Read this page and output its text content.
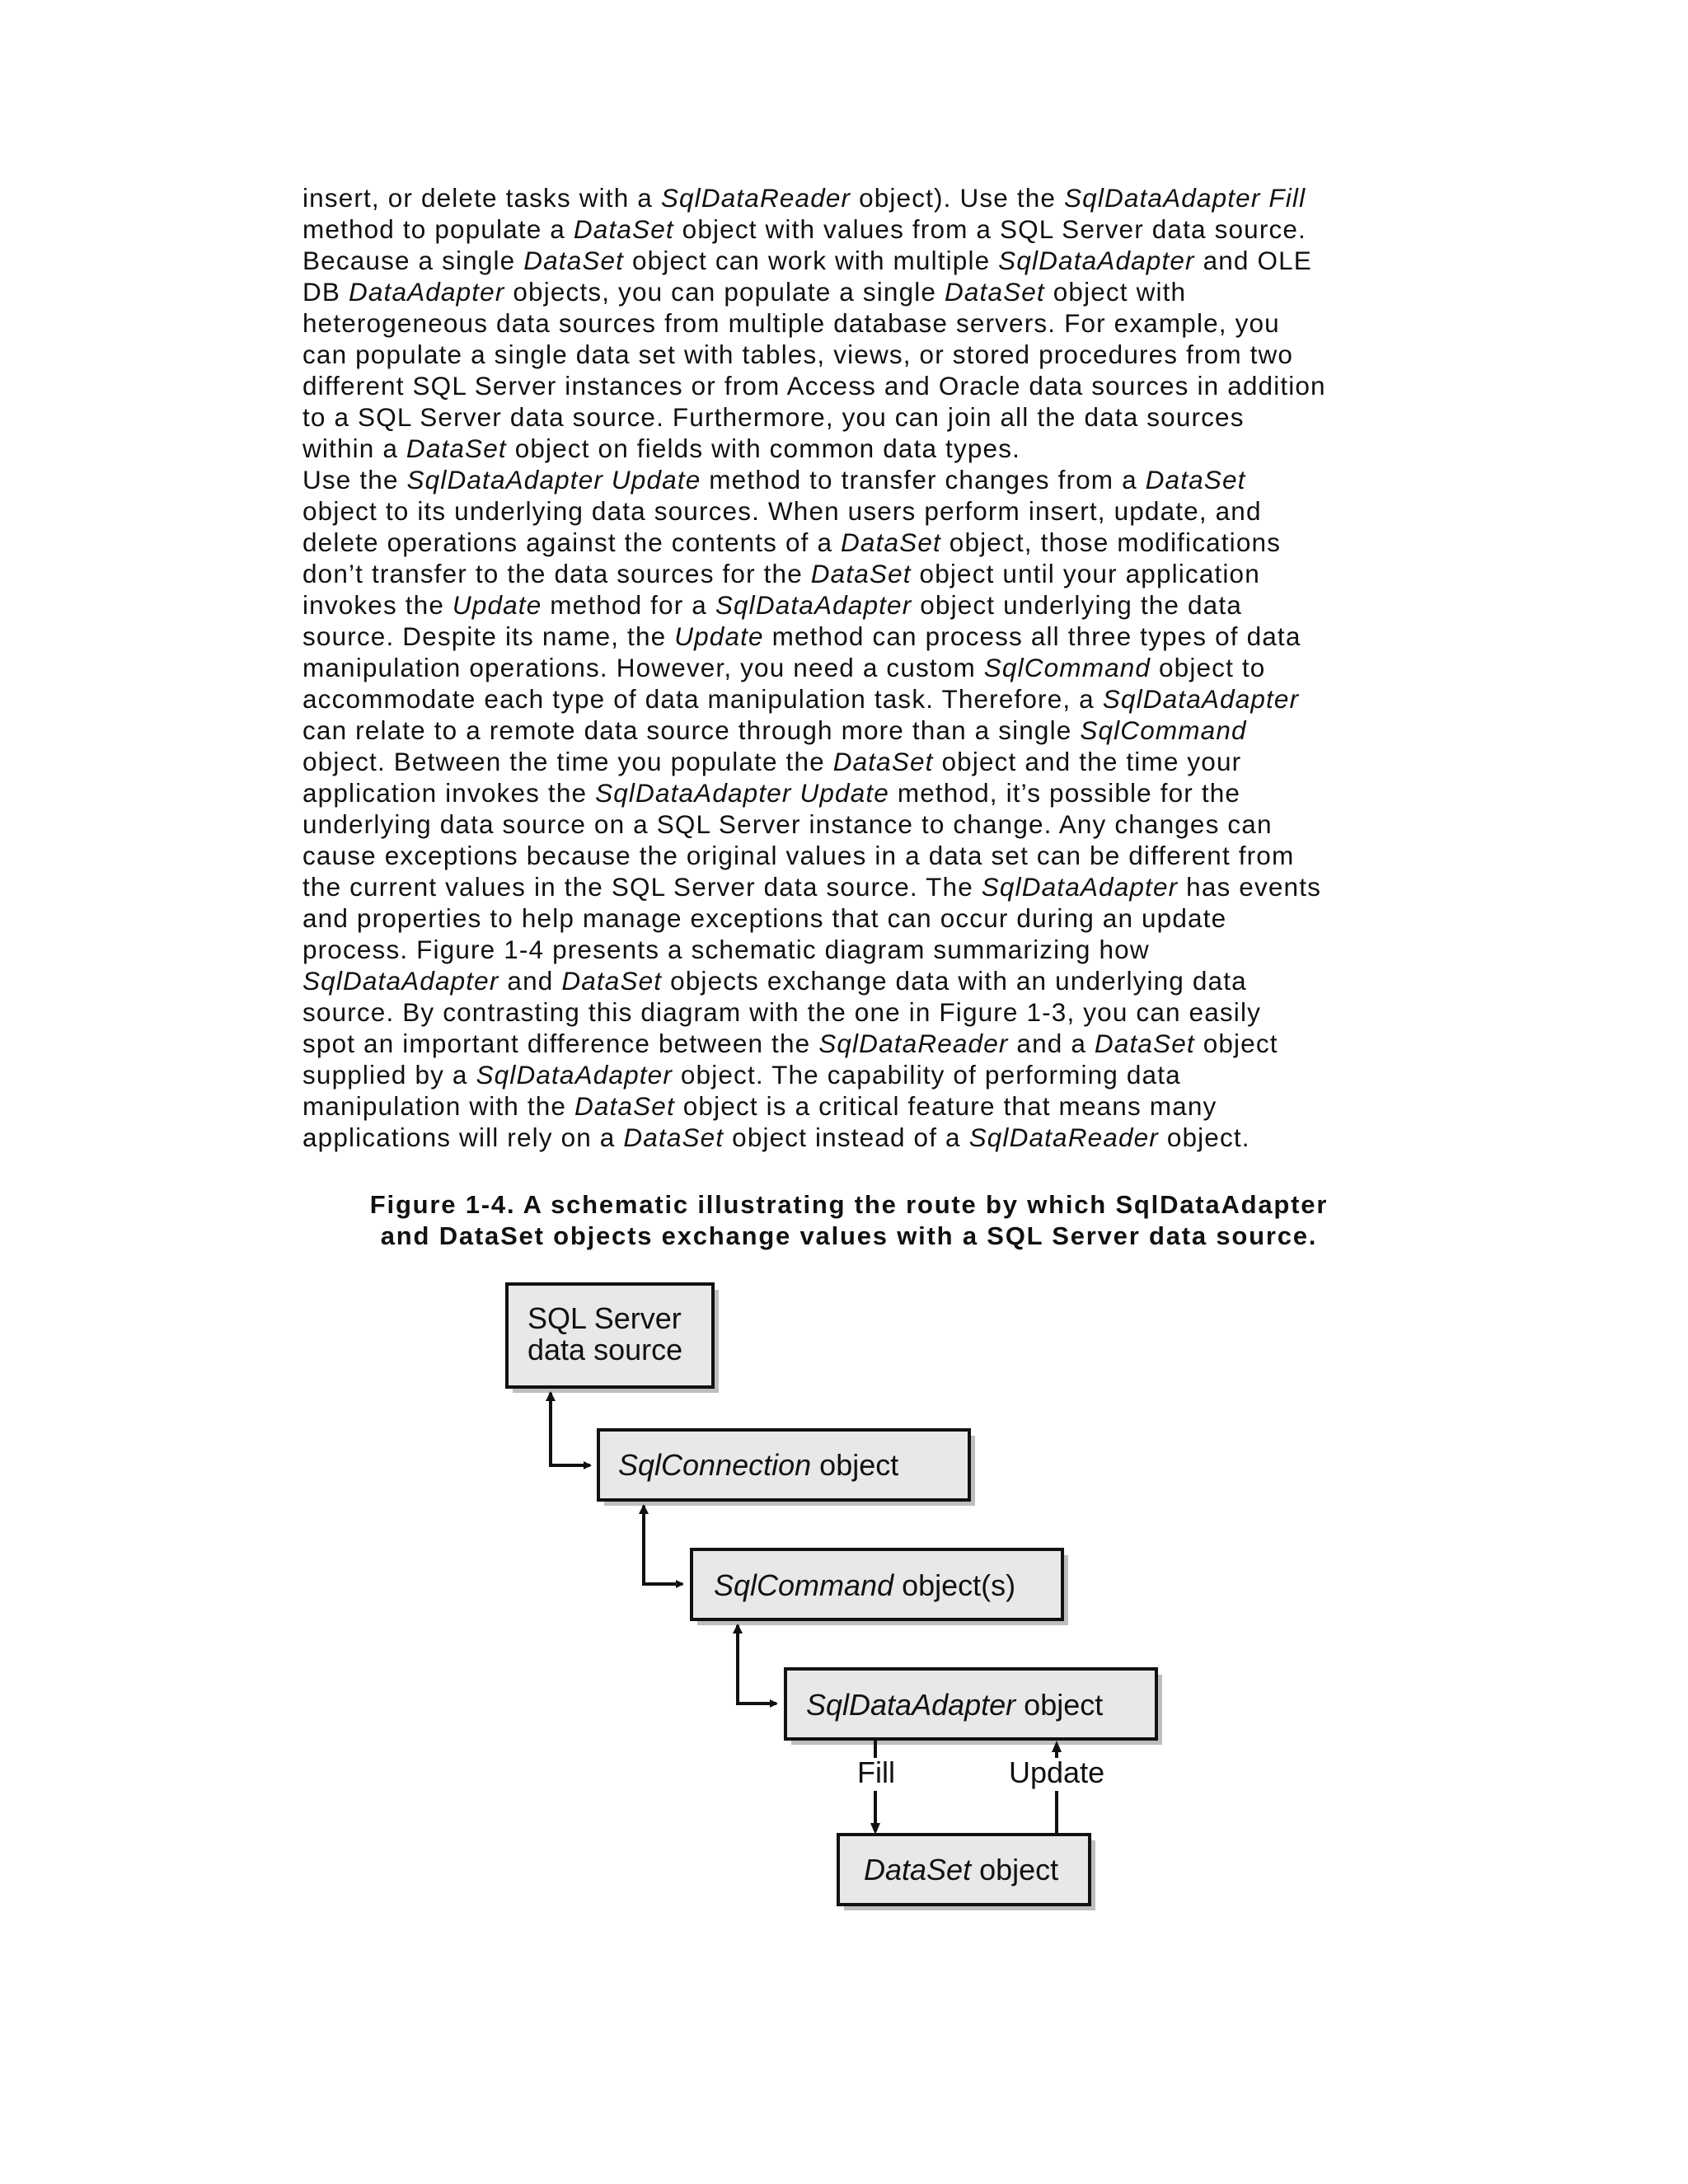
insert, or delete tasks with a SqlDataReader object). Use the SqlDataAdapter Fill
method to populate a DataSet object with values from a SQL Server data source.
Because a single DataSet object can work with multiple SqlDataAdapter and OLE
DB DataAdapter objects, you can populate a single DataSet object with
heterogeneous data sources from multiple database servers. For example, you
can populate a single data set with tables, views, or stored procedures from two
different SQL Server instances or from Access and Oracle data sources in addition
to a SQL Server data source. Furthermore, you can join all the data sources
within a DataSet object on fields with common data types.

Use the SqlDataAdapter Update method to transfer changes from a DataSet
object to its underlying data sources. When users perform insert, update, and
delete operations against the contents of a DataSet object, those modifications
don’t transfer to the data sources for the DataSet object until your application
invokes the Update method for a SqlDataAdapter object underlying the data
source. Despite its name, the Update method can process all three types of data
manipulation operations. However, you need a custom SqlCommand object to
accommodate each type of data manipulation task. Therefore, a SqlDataAdapter
can relate to a remote data source through more than a single SqlCommand
object. Between the time you populate the DataSet object and the time your
application invokes the SqlDataAdapter Update method, it’s possible for the
underlying data source on a SQL Server instance to change. Any changes can
cause exceptions because the original values in a data set can be different from
the current values in the SQL Server data source. The SqlDataAdapter has events
and properties to help manage exceptions that can occur during an update
process. Figure 1-4 presents a schematic diagram summarizing how
SqlDataAdapter and DataSet objects exchange data with an underlying data
source. By contrasting this diagram with the one in Figure 1-3, you can easily
spot an important difference between the SqlDataReader and a DataSet object
supplied by a SqlDataAdapter object. The capability of performing data
manipulation with the DataSet object is a critical feature that means many
applications will rely on a DataSet object instead of a SqlDataReader object.

Figure 1-4. A schematic illustrating the route by which SqlDataAdapter
and DataSet objects exchange values with a SQL Server data source.
SQL Server
data source
SqlConnection object
SqlCommand object(s)
SqlDataAdapter object
Fill	Update
DataSet object
